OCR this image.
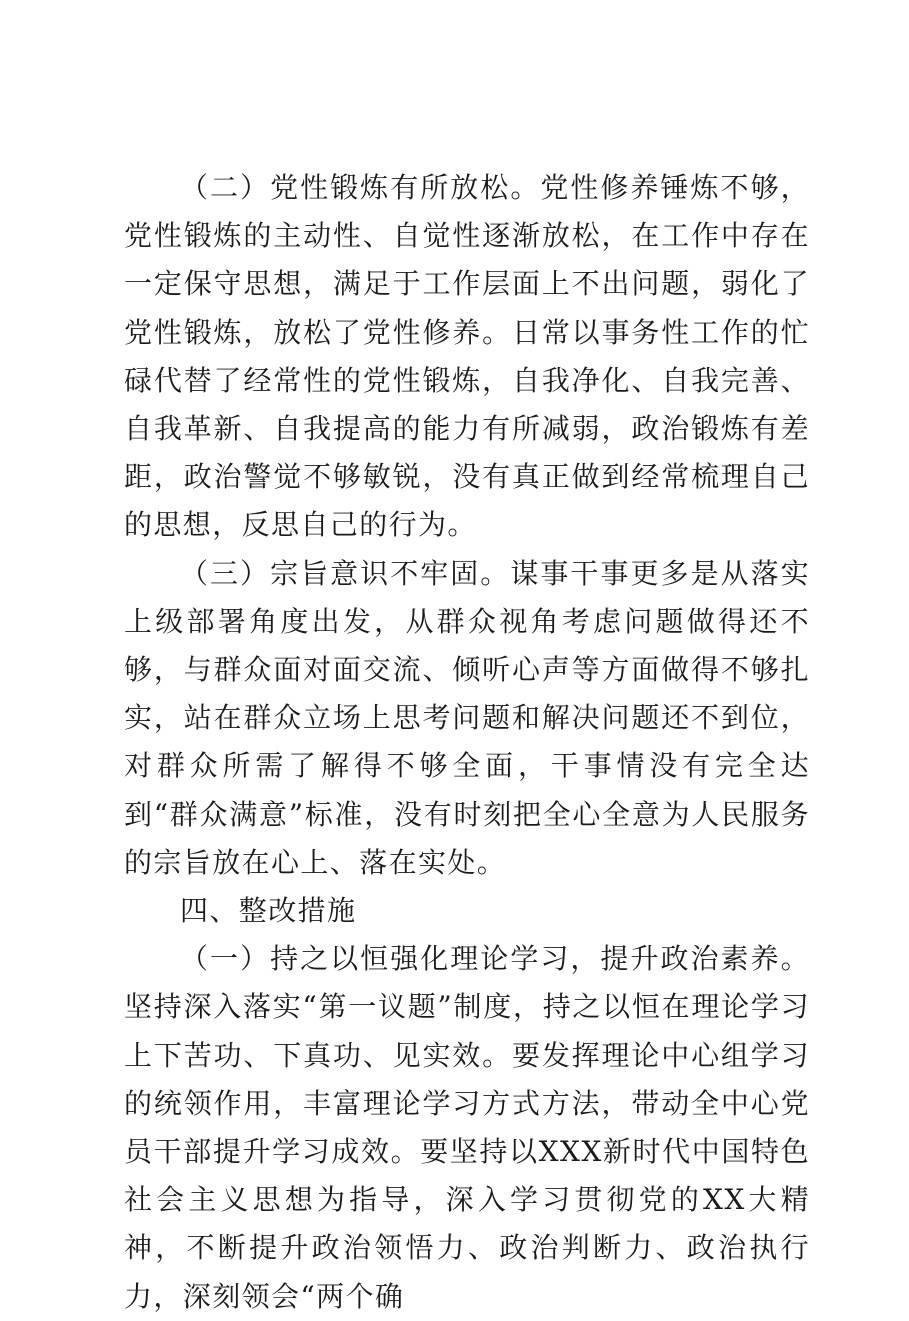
（二）党性锻炼有所放松。党性修养锤炼不够，党性锻炼的主动性、自觉性逐渐放松，在工作中存在一定保守思想，满足于工作层面上不出问题，弱化了党性锻炼，放松了党性修养。日常以事务性工作的忙碌代替了经常性的党性锻炼，自我净化、自我完善、自我革新、自我提高的能力有所减弱，政治锻炼有差距，政治警觉不够敏锐，没有真正做到经常梳理自己的思想，反思自己的行为。

（三）宗旨意识不牢固。谋事干事更多是从落实上级部署角度出发，从群众视角考虑问题做得还不够，与群众面对面交流、倾听心声等方面做得不够扎实，站在群众立场上思考问题和解决问题还不到位，对群众所需了解得不够全面，干事情没有完全达到“群众满意”标准，没有时刻把全心全意为人民服务的宗旨放在心上、落在实处。

四、整改措施

（一）持之以恒强化理论学习，提升政治素养。坚持深入落实“第一议题”制度，持之以恒在理论学习上下苦功、下真功、见实效。要发挥理论中心组学习的统领作用，丰富理论学习方式方法，带动全中心党员干部提升学习成效。要坚持以XXX新时代中国特色社会主义思想为指导，深入学习贯彻党的XX大精神，不断提升政治领悟力、政治判断力、政治执行力，深刻领会“两个确
